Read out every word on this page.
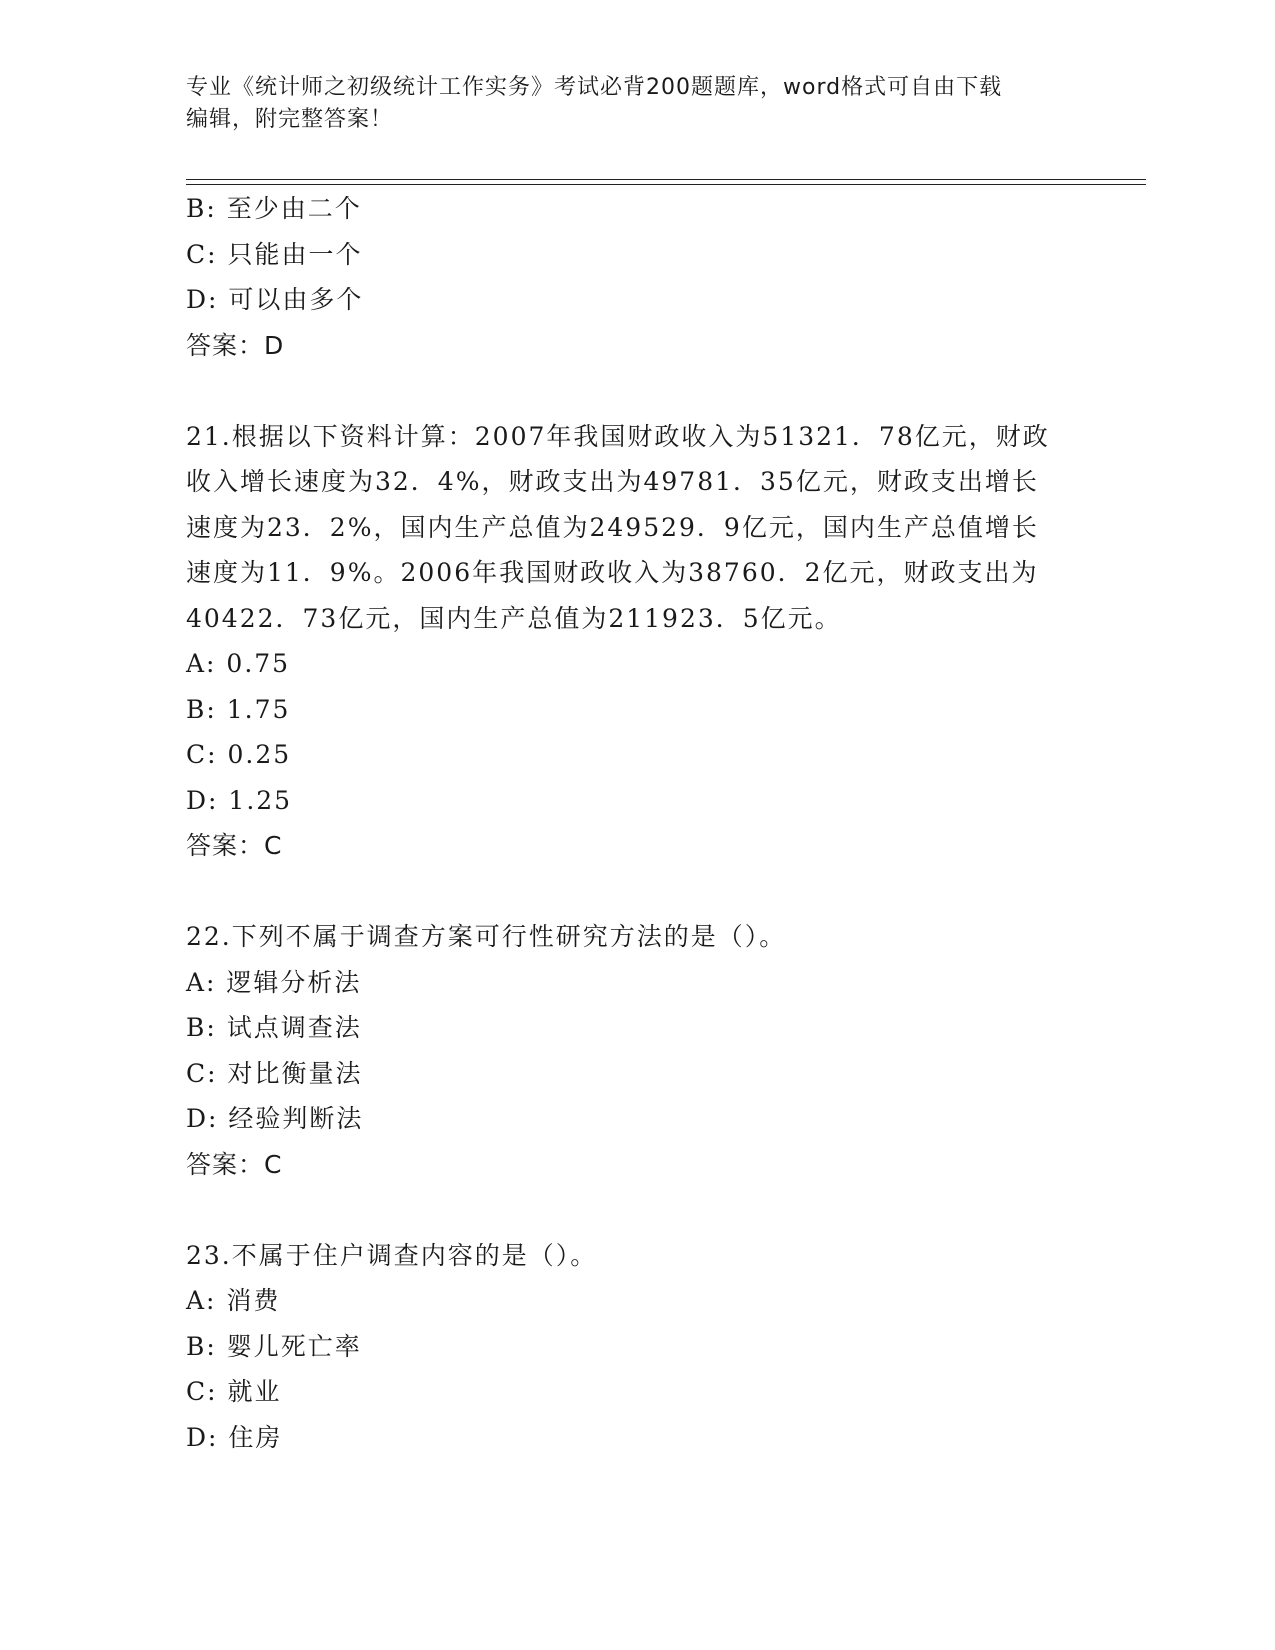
专业《统计师之初级统计工作实务》考试必背200题题库，word格式可自由下载
编辑，附完整答案！
B: 至少由二个
C: 只能由一个
D: 可以由多个
答案：D
21.根据以下资料计算：2007年我国财政收入为51321．78亿元，财政
收入增长速度为32．4%，财政支出为49781．35亿元，财政支出增长
速度为23．2%，国内生产总值为249529．9亿元，国内生产总值增长
速度为11．9%。2006年我国财政收入为38760．2亿元，财政支出为
40422．73亿元，国内生产总值为211923．5亿元。
A: 0.75
B: 1.75
C: 0.25
D: 1.25
答案：C
22.下列不属于调查方案可行性研究方法的是（）。
A: 逻辑分析法
B: 试点调查法
C: 对比衡量法
D: 经验判断法
答案：C
23.不属于住户调查内容的是（）。
A: 消费
B: 婴儿死亡率
C: 就业
D: 住房
